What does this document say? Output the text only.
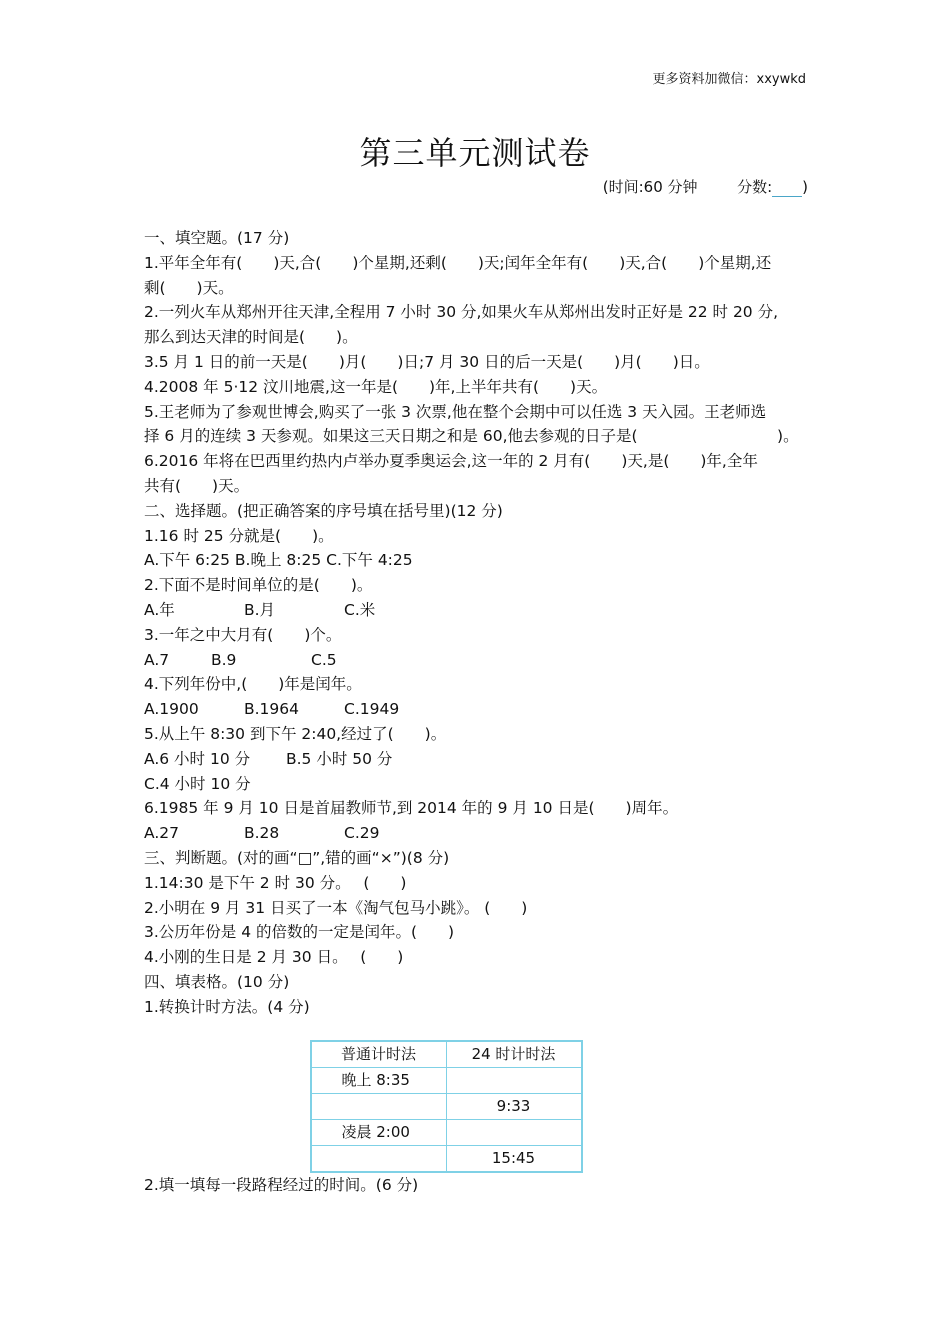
更多资料加微信：xxywkd
第三单元测试卷
(时间:60 分钟	分数: )

一、填空题。(17 分)

1.平年全年有(　　)天,合(　　)个星期,还剩(　　)天;闰年全年有(　　)天,合(　　)个星期,还

剩(　　)天。

2.一列火车从郑州开往天津,全程用 7 小时 30 分,如果火车从郑州出发时正好是 22 时 20 分,

那么到达天津的时间是(　　)。

3.5 月 1 日的前一天是(　　)月(　　)日;7 月 30 日的后一天是(　　)月(　　)日。

4.2008 年 5·12 汶川地震,这一年是(　　)年,上半年共有(　　)天。

5.王老师为了参观世博会,购买了一张 3 次票,他在整个会期中可以任选 3 天入园。王老师选

择 6 月的连续 3 天参观。如果这三天日期之和是 60,他去参观的日子是(　　　　　　　　　)。

6.2016 年将在巴西里约热内卢举办夏季奥运会,这一年的 2 月有(　　)天,是(　　)年,全年

共有(　　)天。

二、选择题。(把正确答案的序号填在括号里)(12 分)

1.16 时 25 分就是(　　)。

A.下午 6:25 B.晚上 8:25 C.下午 4:25

2.下面不是时间单位的是(　　)。

A.年	B.月	C.米

3.一年之中大月有(　　)个。

A.7	B.9	C.5

4.下列年份中,(　　)年是闰年。

A.1900	B.1964	C.1949

5.从上午 8:30 到下午 2:40,经过了(　　)。

A.6 小时 10 分 B.5 小时 50 分

C.4 小时 10 分

6.1985 年 9 月 10 日是首届教师节,到 2014 年的 9 月 10 日是(　　)周年。

A.27	B.28	C.29

三、判断题。(对的画“□”,错的画“×”)(8 分)

1.14:30 是下午 2 时 30 分。　 (　　)

2.小明在 9 月 31 日买了一本《淘气包马小跳》。 (　　)

3.公历年份是 4 的倍数的一定是闰年。(　　)

4.小刚的生日是 2 月 30 日。　 (　　)

四、填表格。(10 分)

1.转换计时方法。(4 分)

普通计时法	24 时计时法
晚上 8:35	
	9:33
凌晨 2:00	
	15:45

2.填一填每一段路程经过的时间。(6 分)
